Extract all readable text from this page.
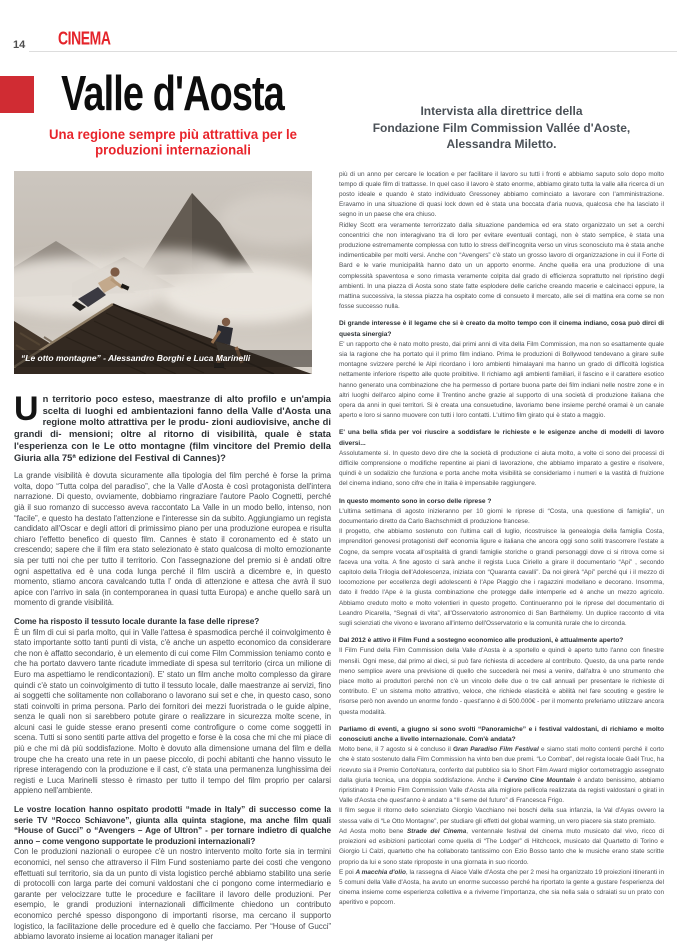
14 CINEMA
Valle d'Aosta
Una regione sempre più attrattiva per le produzioni internazionali
“Le otto montagne” - Alessandro Borghi e Luca Marinelli

Un territorio poco esteso, maestranze di alto profilo e un'ampia scelta di luoghi ed ambientazioni fanno della Valle d'Aosta una regione molto attrattiva per le produ- zioni audiovisive, anche di grandi di- mensioni; oltre al ritorno di visibilità, quale è stata l'esperienza con le Le otto montagne (film vincitore del Premio della Giuria alla 75ª edizione del Festival di Cannes)?

La grande visibilità è dovuta sicuramente alla tipologia del film perché è forse la prima volta, dopo “Tutta colpa del paradiso”, che la Valle d'Aosta è così protagonista dell'intera narrazione. Di questo, ovviamente, dobbiamo ringraziare l'autore Paolo Cognetti, perché già il suo romanzo di successo aveva raccontato La Valle in un modo bello, intenso, non “facile”, e questo ha destato l'attenzione e l'interesse sin da subito. Aggiungiamo un regista candidato all'Oscar e degli attori di primissimo piano per una produzione europea e risulta chiaro l'effetto benefico di questo film. Cannes è stato il coronamento ed è stato un crescendo; sapere che il film era stato selezionato è stato qualcosa di molto emozionante sia per tutti noi che per tutto il territorio. Con l'assegnazione del premio si è andati oltre ogni aspettativa ed è una coda lunga perché il film uscirà a dicembre e, in questo momento, stiamo ancora cavalcando tutta l' onda di attenzione e attesa che avrà il suo apice con l'arrivo in sala (in contemporanea in quasi tutta Europa) e anche quello sarà un momento di grande visibilità.

Come ha risposto il tessuto locale durante la fase delle riprese?

È un film di cui si parla molto, qui in Valle l'attesa è spasmodica perché il coinvolgimento è stato importante sotto tanti punti di vista, c'è anche un aspetto economico da considerare che non è affatto secondario, è un elemento di cui come Film Commission teniamo conto e che ha portato davvero tante ricadute immediate di spesa sul territorio (circa un milione di Euro ma aspettiamo le rendicontazioni). E' stato un film anche molto complesso da girare quindi c'è stato un coinvolgimento di tutto il tessuto locale, dalle maestranze ai servizi, fino ai soggetti che solitamente non collaborano o lavorano sui set e che, in questo caso, sono stati coinvolti in prima persona. Parlo dei fornitori dei mezzi fuoristrada o le guide alpine, senza le quali non si sarebbero potute girare o realizzare in sicurezza molte scene, in alcuni casi le guide stesse erano presenti come controfigure o come come soggetti in scena. Tutti si sono sentiti parte attiva del progetto e forse è la cosa che mi che mi piace di più e che mi dà più soddisfazione. Molto è dovuto alla dimensione umana del film e della troupe che ha creato una rete in un paese piccolo, di pochi abitanti che hanno vissuto le riprese interagendo con la produzione e il cast, c'è stata una permanenza lunghissima dei registi e Luca Marinelli stesso è rimasto per tutto il tempo del film proprio per calarsi appieno nell'ambiente.

Le vostre location hanno ospitato prodotti “made in Italy” di successo come la serie TV “Rocco Schiavone”, giunta alla quinta stagione, ma anche film quali “House of Gucci” o “Avengers – Age of Ultron” - per tornare indietro di qualche anno – come vengono supportate le produzioni internazionali?

Con le produzioni nazionali o europee c'è un nostro intervento molto forte sia in termini economici, nel senso che attraverso il Film Fund sosteniamo parte dei costi che vengono effettuati sul territorio, sia da un punto di vista logistico perché abbiamo stabilito una serie di protocolli con larga parte dei comuni valdostani che ci pongono come intermediario e garante per velocizzare tutte le procedure e facilitare il lavoro delle produzioni. Per esempio, le grandi produzioni internazionali difficilmente chiedono un contributo economico perché spesso dispongono di importanti risorse, ma cercano il supporto logistico, la facilitazione delle procedure ed è quello che facciamo. Per “House of Gucci” abbiamo lavorato insieme ai location manager italiani per

Intervista alla direttrice della
Fondazione Film Commission Vallée d'Aoste,
Alessandra Miletto.

più di un anno per cercare le location e per facilitare il lavoro su tutti i fronti e abbiamo saputo solo dopo molto tempo di quale film di trattasse. In quel caso il lavoro è stato enorme, abbiamo girato tutta la valle alla ricerca di un posto ideale e quando è stato individuato Gressoney abbiamo cominciato a lavorare con l'amministrazione. Eravamo in una situazione di quasi lock down ed è stata una boccata d'aria nuova, qualcosa che ha lasciato il segno in un paese che era chiuso.

Ridley Scott era veramente terrorizzato dalla situazione pandemica ed era stato organizzato un set a cerchi concentrici che non interagivano tra di loro per evitare eventuali contagi, non è stato semplice, è stata una produzione estremamente complessa con tutto lo stress dell'incognita verso un virus sconosciuto ma è stata anche indimenticabile per molti versi. Anche con “Avengers” c'è stato un grosso lavoro di organizzazione in cui il Forte di Bard e le varie municipalità hanno dato un un apporto enorme. Anche quella era una produzione di una complessità spaventosa e sono rimasta veramente colpita dal grado di efficienza soprattutto nel ripristino degli ambienti. In una piazza di Aosta sono state fatte esplodere delle cariche creando macerie e calcinacci eppure, la mattina successiva, la stessa piazza ha ospitato come di consueto il mercato, alle sei di mattina era come se non fosse successo nulla.

Di grande interesse è il legame che si è creato da molto tempo con il cinema indiano, cosa può dirci di questa sinergia?

E' un rapporto che è nato molto presto, dai primi anni di vita della Film Commission, ma non so esattamente quale sia la ragione che ha portato qui il primo film indiano. Prima le produzioni di Bollywood tendevano a girare sulle montagne svizzere perché le Alpi ricordano i loro ambienti himalayani ma hanno un grado di difficoltà logistica nettamente inferiore rispetto alle quote proibitive. Il richiamo agli ambienti familiari, il fascino e il carattere esotico hanno generato una combinazione che ha permesso di portare buona parte dei film indiani nelle nostre zone e in altri luoghi dell'arco alpino come il Trentino anche grazie al supporto di una società di produzione italiana che opera da anni in quei territori. Si è creata una consuetudine, lavoriamo bene insieme perché oramai è un canale aperto e loro si sanno muovere con tutti i loro contatti. L'ultimo film girato qui è stato a maggio.

E' una bella sfida per voi riuscire a soddisfare le richieste e le esigenze anche di modelli di lavoro diversi...

Assolutamente sì. In questo devo dire che la società di produzione ci aiuta molto, a volte ci sono dei processi di difficile comprensione o modifiche repentine ai piani di lavorazione, che abbiamo imparato a gestire e risolvere, quindi è un sodalizio che funziona e porta anche molta visibilità se consideriamo i numeri e la vastità di fruizione del cinema indiano, sono cifre che in Italia è impensabile raggiungere.

In questo momento sono in corso delle riprese ?

L'ultima settimana di agosto inizieranno per 10 giorni le riprese di “Costa, una questione di famiglia”, un documentario diretto da Carlo Bachschmidt di produzione francese.

Il progetto, che abbiamo sostenuto con l'ultima call di luglio, ricostruisce la genealogia della famiglia Costa, imprenditori genovesi protagonisti dell' economia ligure e italiana che ancora oggi sono soliti trascorrere l'estate a Cogne, da sempre vocata all'ospitalità di grandi famiglie storiche o grandi personaggi dove ci si ritrova come si faceva una volta. A fine agosto ci sarà anche il regista Luca Ciriello a girare il documentario “Api” , secondo capitolo della Trilogia dell'Adolescenza, iniziata con “Quaranta cavalli”. Da noi girerà “Api” perché qui i il mezzo di locomozione per eccellenza degli adolescenti è l'Ape Piaggio che i ragazzini modellano e decorano. Insomma, dato il freddo l'Ape è la giusta combinazione che protegge dalle intemperie ed è anche un mezzo agricolo. Abbiamo creduto molto e molto volentieri in questo progetto. Continueranno poi le riprese del documentario di Leandro Picarella, “Segnali di vita”, all'Osservatorio astronomico di San Barthélemy. Un duplice racconto di vita sugli scienziati che vivono e lavorano all'interno dell'Osservatorio e la comunità rurale che lo circonda.

Dal 2012 è attivo il Film Fund a sostegno economico alle produzioni, è attualmente aperto?

Il Film Fund della Film Commission della Valle d'Aosta è a sportello e quindi è aperto tutto l'anno con finestre mensili. Ogni mese, dal primo al dieci, si può fare richiesta di accedere al contributo. Questo, da una parte rende meno semplice avere una previsione di quello che succederà nei mesi a venire, dall'altra è uno strumento che piace molto ai produttori perché non c'è un vincolo delle due o tre call annuali per presentare le richieste di contributo. E' un sistema molto attrattivo, veloce, che richiede elasticità e abilità nel fare scouting e gestire le risorse però non avendo un enorme fondo - quest'anno è di 500.000€ - per il momento preferiamo utilizzare ancora questa modalità.

Parliamo di eventi, a giugno si sono svolti “Panoramiche” e i festival valdostani, di richiamo e molto conosciuti anche a livello internazionale. Com'è andata?

Molto bene, il 7 agosto si è concluso il Gran Paradiso Film Festival e siamo stati molto contenti perché il corto che è stato sostenuto dalla Film Commission ha vinto ben due premi. “Lo Combat”, del regista locale Gaël Truc, ha ricevuto sia il Premio CortoNatura, conferito dal pubblico sia lo Short Film Award miglior cortometraggio assegnato dalla giuria tecnica, una doppia soddisfazione. Anche il Cervino Cine Mountain è andato benissimo, abbiamo ripristinato il Premio Film Commission Valle d'Aosta alla migliore pellicola realizzata da registi valdostani o girati in Valle d'Aosta che quest'anno è andato a “Il seme del futuro” di Francesca Frigo.

Il film segue il ritorno dello scienziato Giorgio Vacchiano nei boschi della sua infanzia, la Val d'Ayas ovvero la stessa valle di “Le Otto Montagne”, per studiare gli effetti del global warming, un vero piacere sia stato premiato.

Ad Aosta molto bene Strade del Cinema, ventennale festival del cinema muto musicato dal vivo, ricco di proiezioni ed esibizioni particolari come quella di “The Lodger” di Hitchcock, musicato dal Quartetto di Torino e Giorgio Li Calzi, quartetto che ha collaborato tantissimo con Ezio Bosso tanto che le musiche erano state scritte proprio da lui e sono state riproposte in una giornata in suo ricordo.

E poi A macchia d'olio, la rassegna di Aiace Valle d'Aosta che per 2 mesi ha organizzato 19 proiezioni itineranti in 5 comuni della Valle d'Aosta, ha avuto un enorme successo perché ha riportato la gente a gustare l'esperienza del cinema insieme come esperienza collettiva e a riviverne l'importanza, che sia nella sala o sdraiati su un prato con aperitivo e popcorn.
